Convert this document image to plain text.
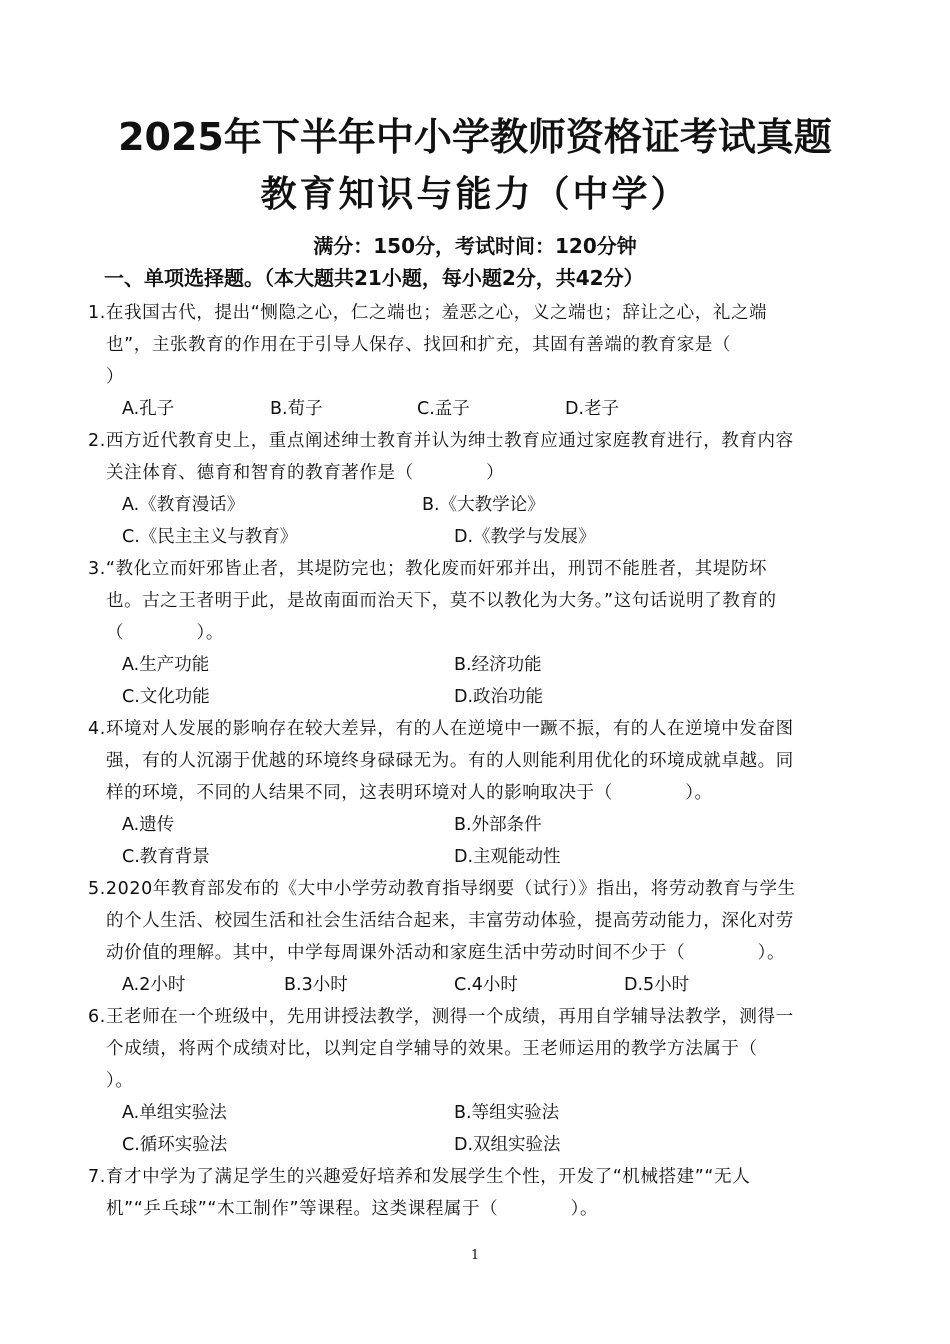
2025年下半年中小学教师资格证考试真题
教育知识与能力（中学）
满分：150分，考试时间：120分钟
一、单项选择题。（本大题共21小题，每小题2分，共42分）
1.在我国古代，提出“恻隐之心，仁之端也；羞恶之心，义之端也；辞让之心，礼之端
也”，主张教育的作用在于引导人保存、找回和扩充，其固有善端的教育家是（
）
A.孔子	B.荀子	C.孟子	D.老子
2.西方近代教育史上，重点阐述绅士教育并认为绅士教育应通过家庭教育进行，教育内容
关注体育、德育和智育的教育著作是（　　　　）
A.《教育漫话》	B.《大教学论》
C.《民主主义与教育》	D.《教学与发展》
3.“教化立而奸邪皆止者，其堤防完也；教化废而奸邪并出，刑罚不能胜者，其堤防坏
也。古之王者明于此，是故南面而治天下，莫不以教化为大务。”这句话说明了教育的
（　　　　）。
A.生产功能	B.经济功能
C.文化功能	D.政治功能
4.环境对人发展的影响存在较大差异，有的人在逆境中一蹶不振，有的人在逆境中发奋图
强，有的人沉溺于优越的环境终身碌碌无为。有的人则能利用优化的环境成就卓越。同
样的环境，不同的人结果不同，这表明环境对人的影响取决于（　　　　）。
A.遗传	B.外部条件
C.教育背景	D.主观能动性
5.2020年教育部发布的《大中小学劳动教育指导纲要（试行）》指出，将劳动教育与学生
的个人生活、校园生活和社会生活结合起来，丰富劳动体验，提高劳动能力，深化对劳
动价值的理解。其中，中学每周课外活动和家庭生活中劳动时间不少于（　　　　）。
A.2小时	B.3小时	C.4小时	D.5小时
6.王老师在一个班级中，先用讲授法教学，测得一个成绩，再用自学辅导法教学，测得一
个成绩，将两个成绩对比，以判定自学辅导的效果。王老师运用的教学方法属于（
）。
A.单组实验法	B.等组实验法
C.循环实验法	D.双组实验法
7.育才中学为了满足学生的兴趣爱好培养和发展学生个性，开发了“机械搭建”“无人
机”“乒乓球”“木工制作”等课程。这类课程属于（　　　　）。
1
